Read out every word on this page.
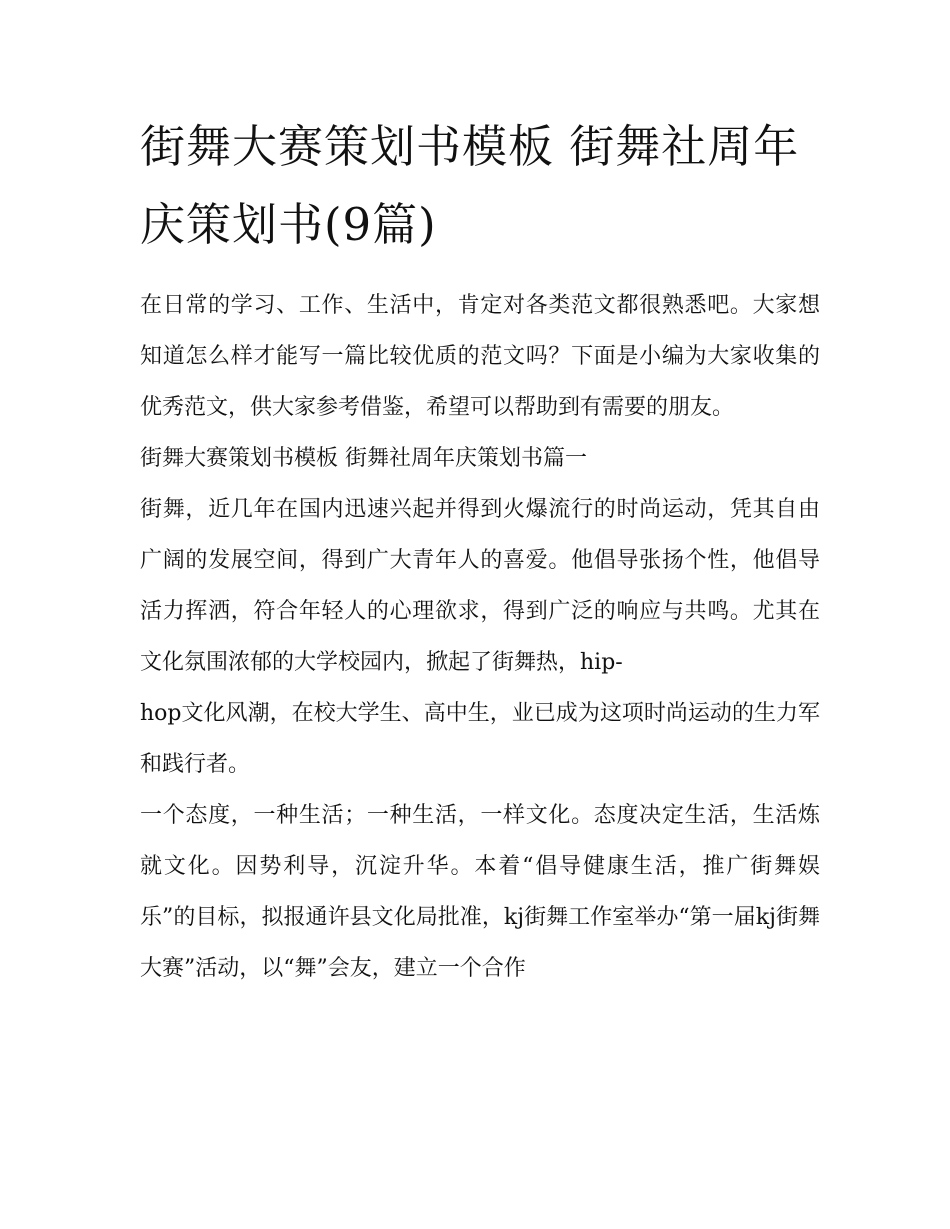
街舞大赛策划书模板 街舞社周年庆策划书(9篇)

在日常的学习、工作、生活中，肯定对各类范文都很熟悉吧。大家想知道怎么样才能写一篇比较优质的范文吗？下面是小编为大家收集的优秀范文，供大家参考借鉴，希望可以帮助到有需要的朋友。

街舞大赛策划书模板 街舞社周年庆策划书篇一

街舞，近几年在国内迅速兴起并得到火爆流行的时尚运动，凭其自由广阔的发展空间，得到广大青年人的喜爱。他倡导张扬个性，他倡导活力挥洒，符合年轻人的心理欲求，得到广泛的响应与共鸣。尤其在文化氛围浓郁的大学校园内，掀起了街舞热，hip-

hop文化风潮，在校大学生、高中生，业已成为这项时尚运动的生力军和践行者。

一个态度，一种生活；一种生活，一样文化。态度决定生活，生活炼就文化。因势利导，沉淀升华。本着“倡导健康生活，推广街舞娱乐”的目标，拟报通许县文化局批准，kj街舞工作室举办“第一届kj街舞大赛”活动，以“舞”会友，建立一个合作
